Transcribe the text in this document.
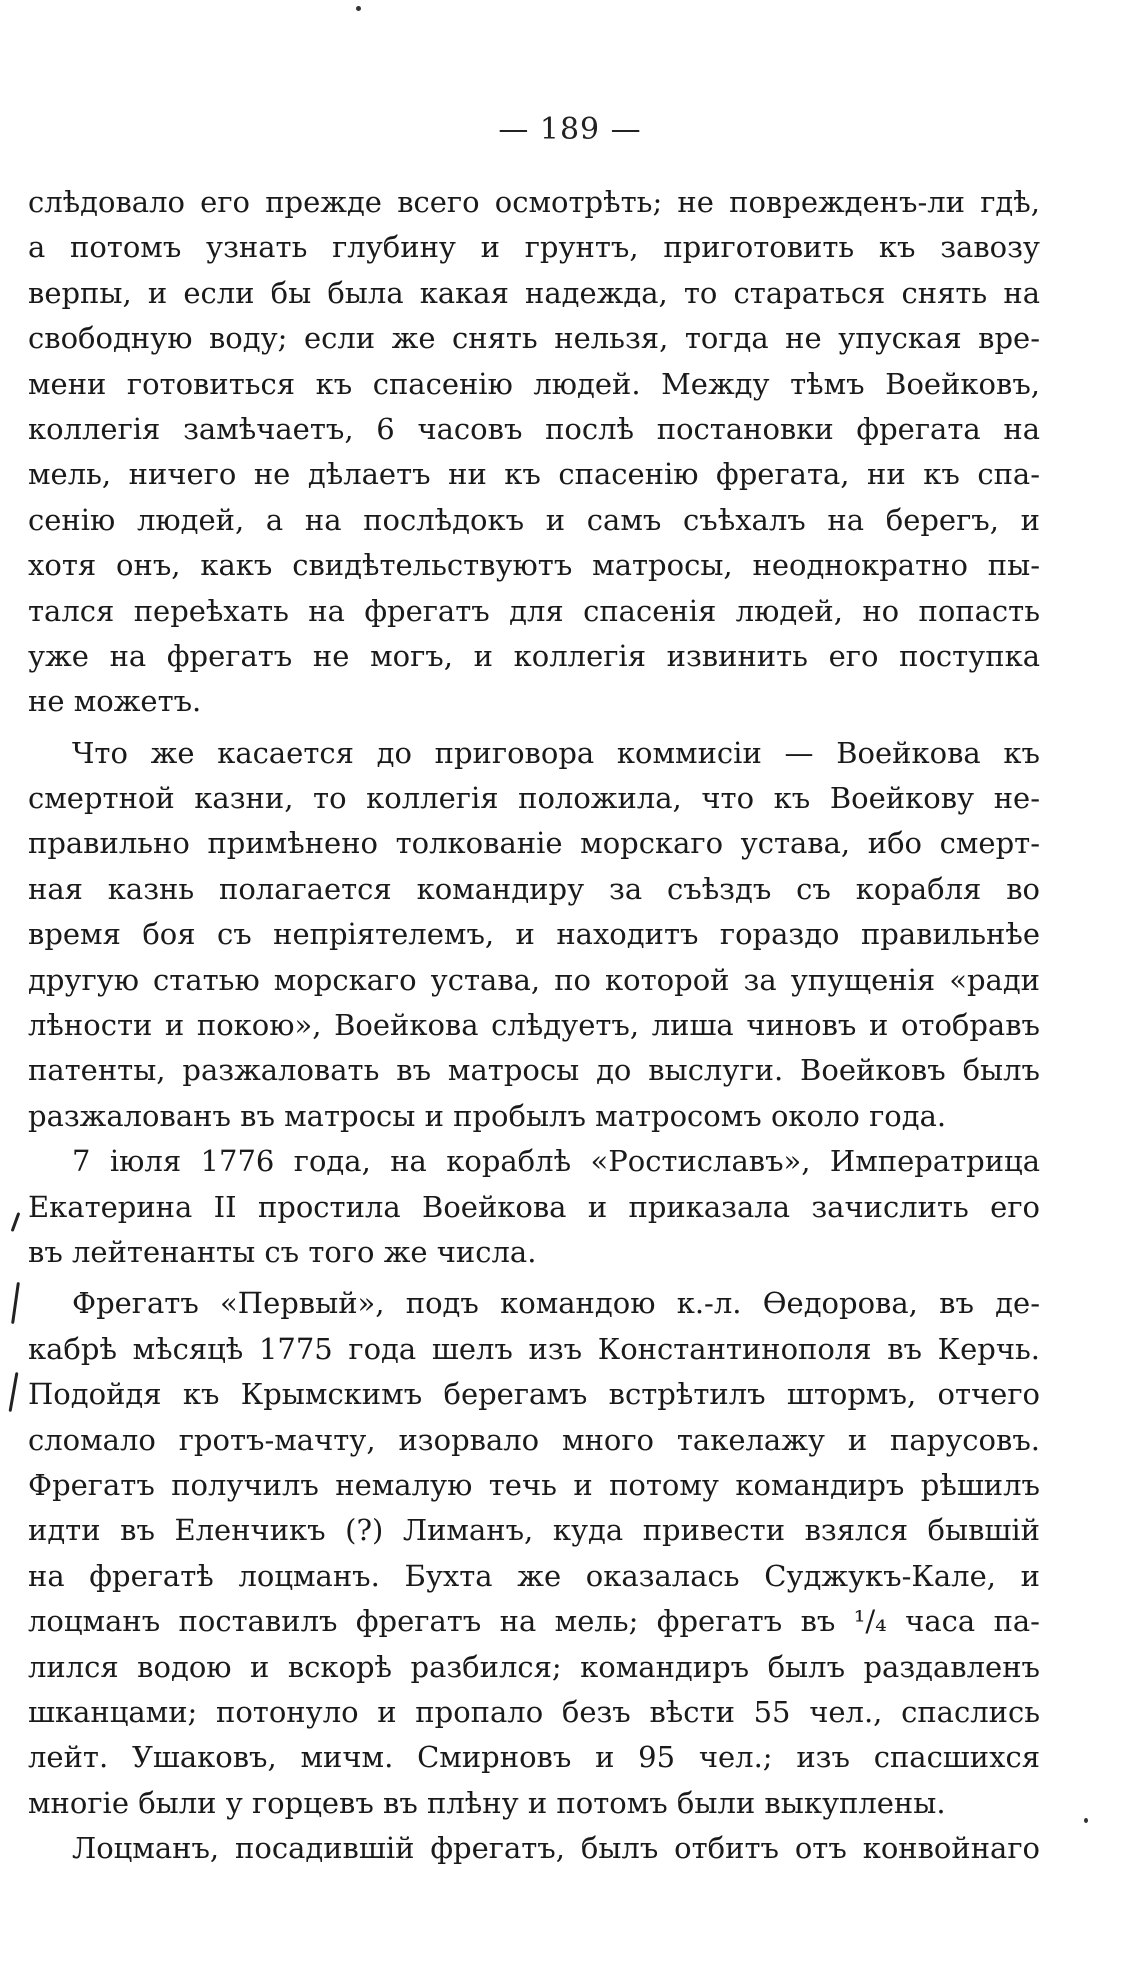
— 189 —
слѣдовало его прежде всего осмотрѣть; не поврежденъ-ли гдѣ,
а потомъ узнать глубину и грунтъ, приготовить къ завозу
верпы, и если бы была какая надежда, то стараться снять на
свободную воду; если же снять нельзя, тогда не упуская вре-
мени готовиться къ спасенію людей. Между тѣмъ Воейковъ,
коллегія замѣчаетъ, 6 часовъ послѣ постановки фрегата на
мель, ничего не дѣлаетъ ни къ спасенію фрегата, ни къ спа-
сенію людей, а на послѣдокъ и самъ съѣхалъ на берегъ, и
хотя онъ, какъ свидѣтельствуютъ матросы, неоднократно пы-
тался переѣхать на фрегатъ для спасенія людей, но попасть
уже на фрегатъ не могъ, и коллегія извинить его поступка
не можетъ.
Что же касается до приговора коммисіи — Воейкова къ
смертной казни, то коллегія положила, что къ Воейкову не-
правильно примѣнено толкованіе морскаго устава, ибо смерт-
ная казнь полагается командиру за съѣздъ съ корабля во
время боя съ непріятелемъ, и находитъ гораздо правильнѣе
другую статью морскаго устава, по которой за упущенія «ради
лѣности и покою», Воейкова слѣдуетъ, лиша чиновъ и отобравъ
патенты, разжаловать въ матросы до выслуги. Воейковъ былъ
разжалованъ въ матросы и пробылъ матросомъ около года.
7 іюля 1776 года, на кораблѣ «Ростиславъ», Императрица
Екатерина II простила Воейкова и приказала зачислить его
въ лейтенанты съ того же числа.
Фрегатъ «Первый», подъ командою к.-л. Ѳедорова, въ де-
кабрѣ мѣсяцѣ 1775 года шелъ изъ Константинополя въ Керчь.
Подойдя къ Крымскимъ берегамъ встрѣтилъ штормъ, отчего
сломало гротъ-мачту, изорвало много такелажу и парусовъ.
Фрегатъ получилъ немалую течь и потому командиръ рѣшилъ
идти въ Еленчикъ (?) Лиманъ, куда привести взялся бывшій
на фрегатѣ лоцманъ. Бухта же оказалась Суджукъ-Кале, и
лоцманъ поставилъ фрегатъ на мель; фрегатъ въ ¹/₄ часа па-
лился водою и вскорѣ разбился; командиръ былъ раздавленъ
шканцами; потонуло и пропало безъ вѣсти 55 чел., спаслись
лейт. Ушаковъ, мичм. Смирновъ и 95 чел.; изъ спасшихся
многіе были у горцевъ въ плѣну и потомъ были выкуплены.
Лоцманъ, посадившій фрегатъ, былъ отбитъ отъ конвойнаго
